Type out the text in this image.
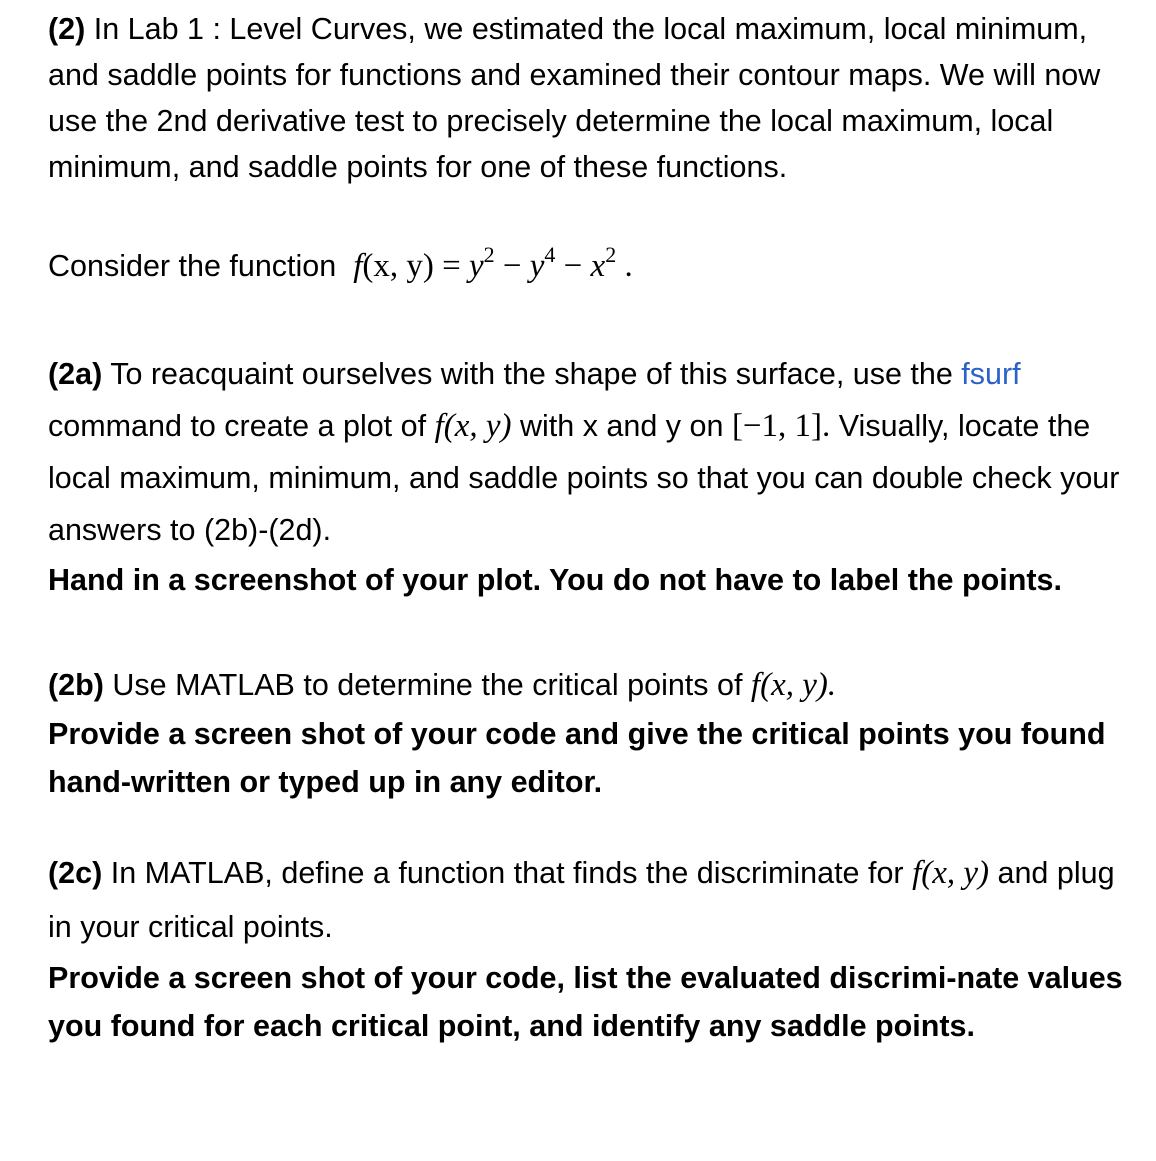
(2) In Lab 1 : Level Curves, we estimated the local maximum, local minimum, and saddle points for functions and examined their contour maps. We will now use the 2nd derivative test to precisely determine the local maximum, local minimum, and saddle points for one of these functions.

Consider the function f(x, $y) = y^2 - y^4 - x^2$ .

(2a) To reacquaint ourselves with the shape of this surface, use the fsurf command to create a plot of f(x, y) with x and y on [−1, 1]. Visually, locate the local maximum, minimum, and saddle points so that you can double check your answers to (2b)-(2d).

Hand in a screenshot of your plot. You do not have to label the points.

(2b) Use MATLAB to determine the critical points of f(x, y).

Provide a screen shot of your code and give the critical points you found hand-written or typed up in any editor.

(2c) In MATLAB, define a function that finds the discriminate for f(x, y) and plug in your critical points.

Provide a screen shot of your code, list the evaluated discrimi-nate values you found for each critical point, and identify any saddle points.
